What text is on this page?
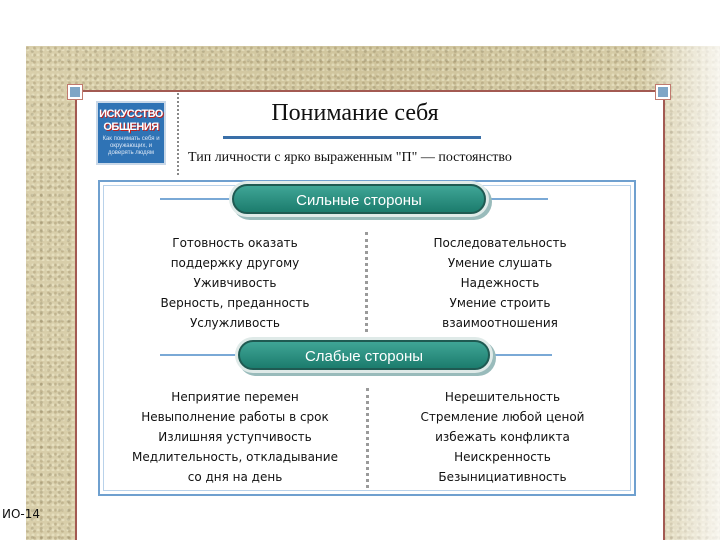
ИСКУССТВО
ОБЩЕНИЯ
Как понимать себя и окружающих, и доверять людям
Понимание себя
Тип личности с ярко выраженным "П" — постоянство
Сильные стороны
Готовность оказать
поддержку другому
Уживчивость
Верность, преданность
Услужливость
Последовательность
Умение слушать
Надежность
Умение строить
взаимоотношения
Слабые стороны
Неприятие перемен
Невыполнение работы в срок
Излишняя уступчивость
Медлительность, откладывание
со дня на день
Нерешительность
Стремление любой ценой
избежать конфликта
Неискренность
Безынициативность
ИО-14
